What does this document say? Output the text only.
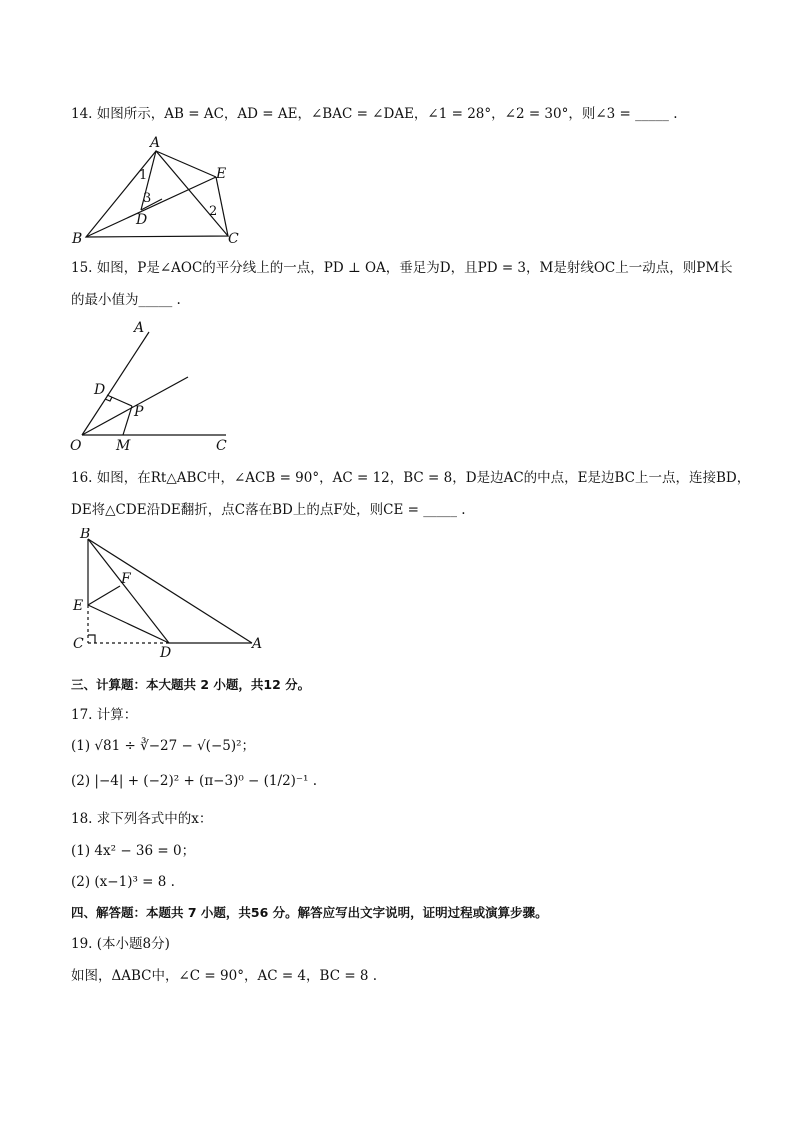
14. 如图所示，AB = AC，AD = AE，∠BAC = ∠DAE，∠1 = 28°，∠2 = 30°，则∠3 = _____ .
A
B	C
D
E
1
2
3
15. 如图，P是∠AOC的平分线上的一点，PD ⊥ OA，垂足为D，且PD = 3，M是射线OC上一动点，则PM长
的最小值为_____ .
A
D
P
O M	C
16. 如图，在Rt△ABC中，∠ACB = 90°，AC = 12，BC = 8，D是边AC的中点，E是边BC上一点，连接BD，
DE将△CDE沿DE翻折，点C落在BD上的点F处，则CE = _____ .
B
F
E
C
D
A
三、计算题：本大题共 2 小题，共12 分。
17. 计算：
(1) √81 ÷ ∛−27 − √(−5)²；
(2) |−4| + (−2)² + (π−3)⁰ − (1/2)⁻¹ .
18. 求下列各式中的x：
(1) 4x² − 36 = 0；
(2) (x−1)³ = 8 .
四、解答题：本题共 7 小题，共56 分。解答应写出文字说明，证明过程或演算步骤。
19. (本小题8分)
如图，ΔABC中，∠C = 90°，AC = 4，BC = 8 .
